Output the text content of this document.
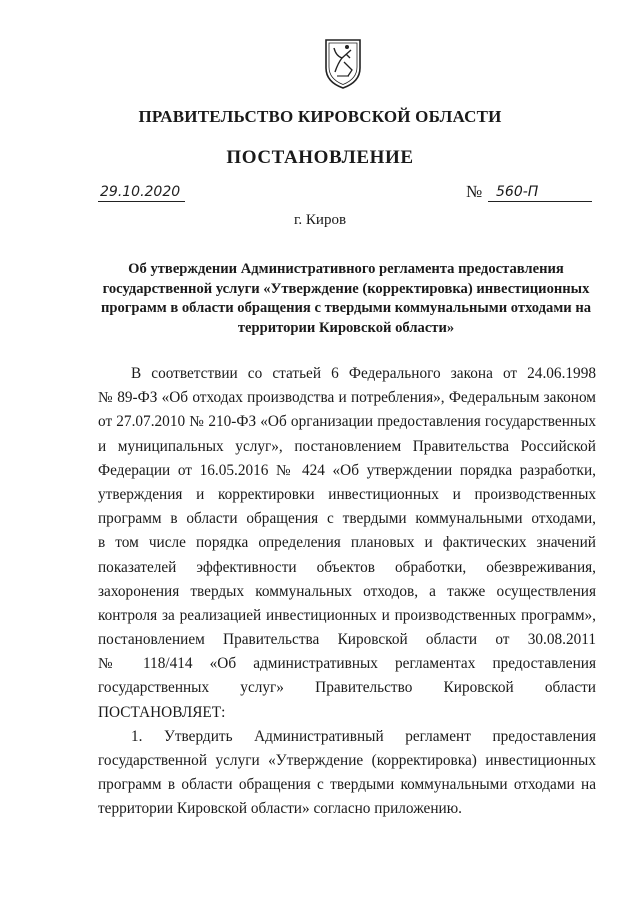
ПРАВИТЕЛЬСТВО КИРОВСКОЙ ОБЛАСТИ
ПОСТАНОВЛЕНИЕ
29.10.2020	№ 560-П
г. Киров
Об утверждении Административного регламента предоставления
государственной услуги «Утверждение (корректировка) инвестиционных
программ в области обращения с твердыми коммунальными отходами на
территории Кировской области»
В соответствии со статьей 6 Федерального закона от 24.06.1998
№ 89-ФЗ «Об отходах производства и потребления», Федеральным законом
от 27.07.2010 № 210-ФЗ «Об организации предоставления государственных
и муниципальных услуг», постановлением Правительства Российской
Федерации от 16.05.2016 № 424 «Об утверждении порядка разработки,
утверждения и корректировки инвестиционных и производственных
программ в области обращения с твердыми коммунальными отходами,
в том числе порядка определения плановых и фактических значений
показателей эффективности объектов обработки, обезвреживания,
захоронения твердых коммунальных отходов, а также осуществления
контроля за реализацией инвестиционных и производственных программ»,
постановлением Правительства Кировской области от 30.08.2011
№ 118/414 «Об административных регламентах предоставления
государственных услуг» Правительство Кировской области
ПОСТАНОВЛЯЕТ:
1. Утвердить Административный регламент предоставления
государственной услуги «Утверждение (корректировка) инвестиционных
программ в области обращения с твердыми коммунальными отходами на
территории Кировской области» согласно приложению.
